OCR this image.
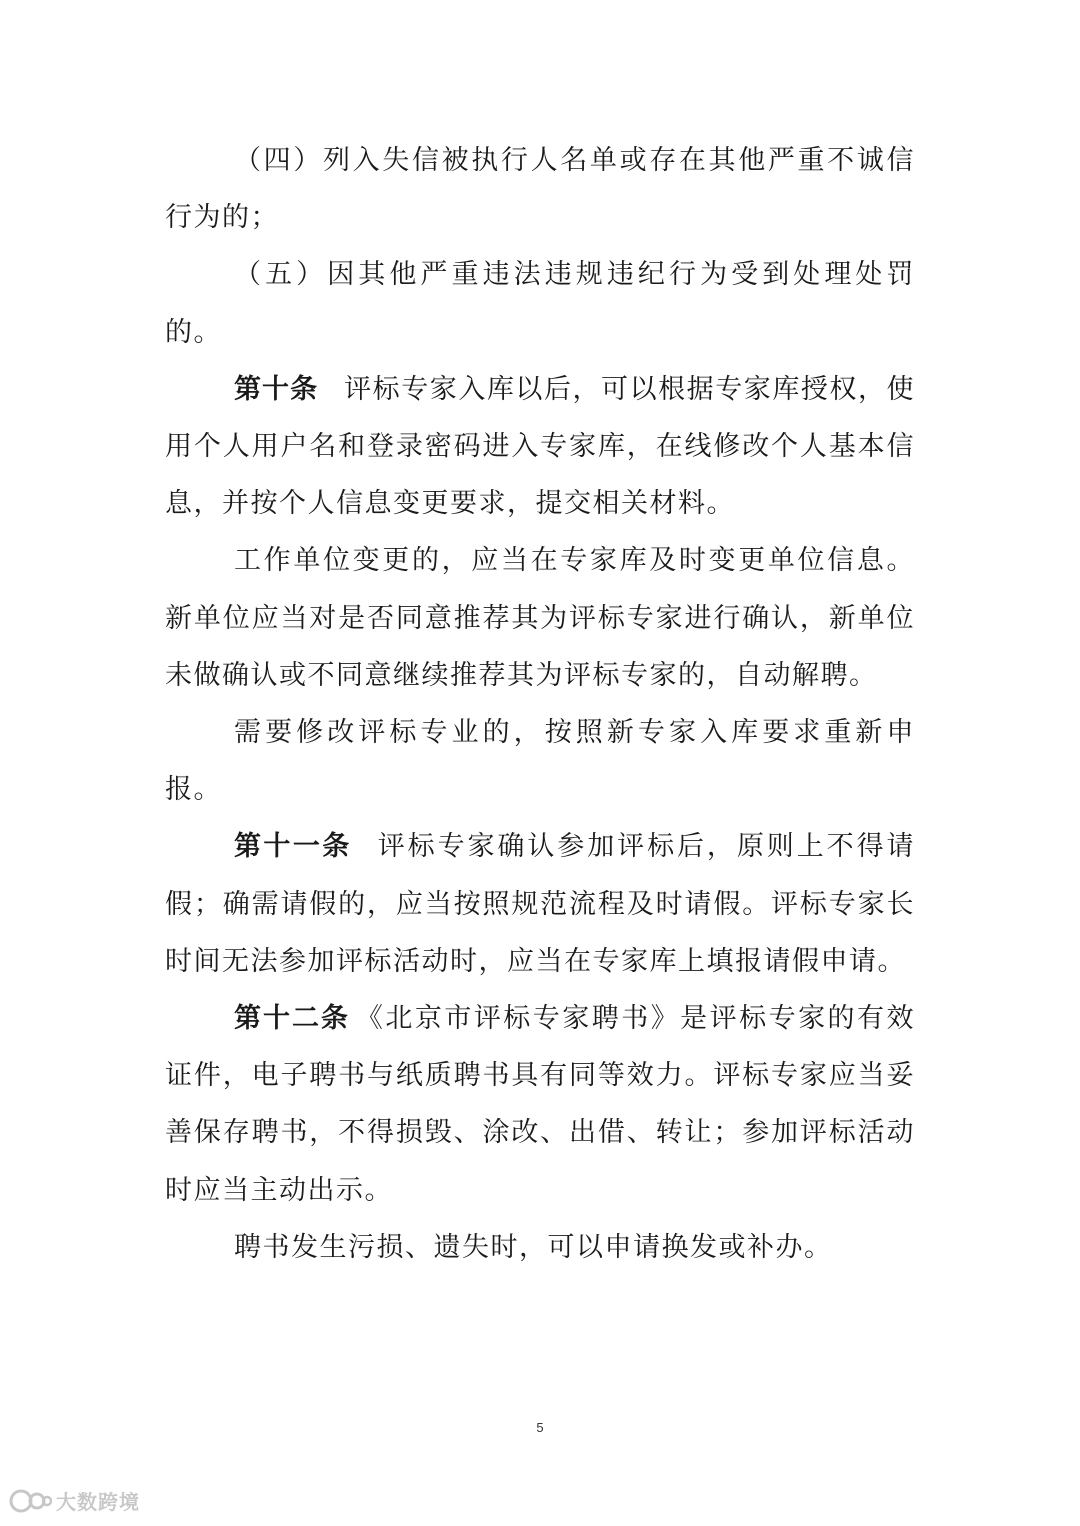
（四）列入失信被执行人名单或存在其他严重不诚信行为的；

（五）因其他严重违法违规违纪行为受到处理处罚的。

第十条 评标专家入库以后，可以根据专家库授权，使用个人用户名和登录密码进入专家库，在线修改个人基本信息，并按个人信息变更要求，提交相关材料。

工作单位变更的，应当在专家库及时变更单位信息。新单位应当对是否同意推荐其为评标专家进行确认，新单位未做确认或不同意继续推荐其为评标专家的，自动解聘。

需要修改评标专业的，按照新专家入库要求重新申报。

第十一条 评标专家确认参加评标后，原则上不得请假；确需请假的，应当按照规范流程及时请假。评标专家长时间无法参加评标活动时，应当在专家库上填报请假申请。

第十二条 《北京市评标专家聘书》是评标专家的有效证件，电子聘书与纸质聘书具有同等效力。评标专家应当妥善保存聘书，不得损毁、涂改、出借、转让；参加评标活动时应当主动出示。

聘书发生污损、遗失时，可以申请换发或补办。

5
大数跨境
